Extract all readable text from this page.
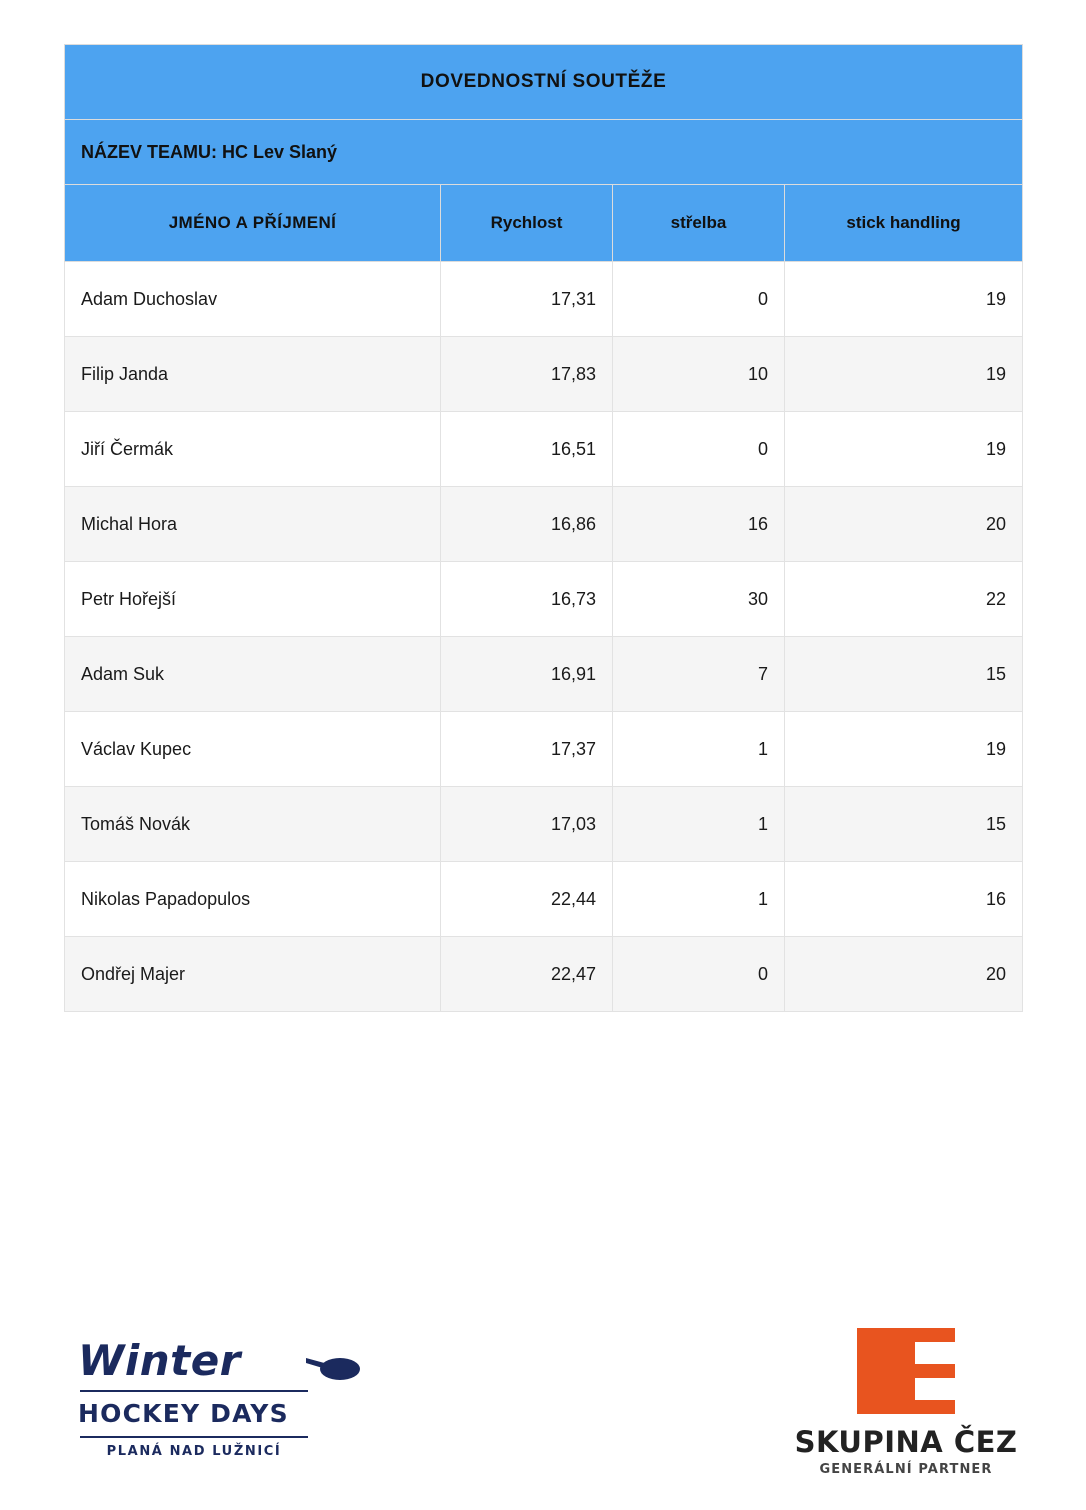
DOVEDNOSTNÍ SOUTĚŽE			
NÁZEV TEAMU: HC Lev Slaný			
JMÉNO A PŘÍJMENÍ	Rychlost	střelba	stick handling
Adam Duchoslav	17,31	0	19
Filip Janda	17,83	10	19
Jiří Čermák	16,51	0	19
Michal Hora	16,86	16	20
Petr Hořejší	16,73	30	22
Adam Suk	16,91	7	15
Václav Kupec	17,37	1	19
Tomáš Novák	17,03	1	15
Nikolas Papadopulos	22,44	1	16
Ondřej Majer	22,47	0	20
Winter
HOCKEY DAYS
PLANÁ NAD LUŽNICÍ	SKUPINA ČEZ
GENERÁLNÍ PARTNER
